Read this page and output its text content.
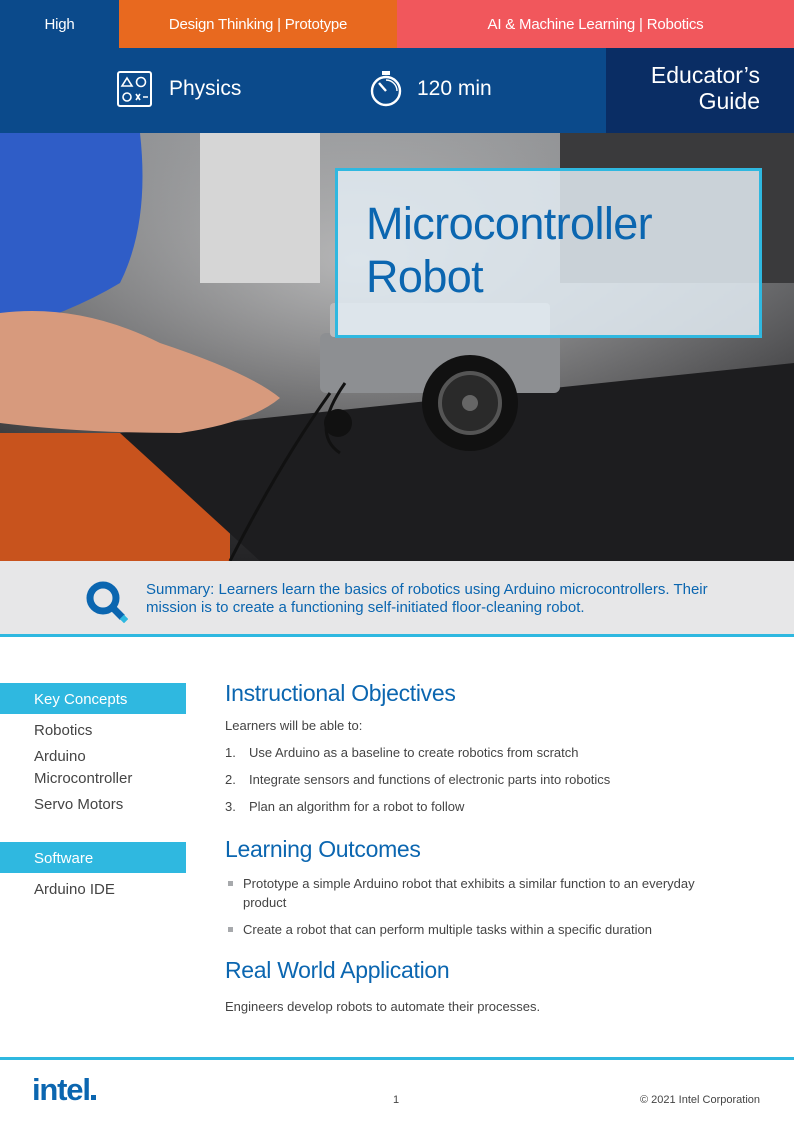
High	Design Thinking | Prototype	AI & Machine Learning | Robotics
Physics	120 min
Educator’s
Guide
Microcontroller
Robot
Summary: Learners learn the basics of robotics using Arduino microcontrollers. Their mission is to create a functioning self-initiated floor-cleaning robot.
Key Concepts
Robotics
Arduino Microcontroller
Servo Motors
Software
Arduino IDE
Instructional Objectives
Learners will be able to:
1.	Use Arduino as a baseline to create robotics from scratch
2.	Integrate sensors and functions of electronic parts into robotics
3.	Plan an algorithm for a robot to follow
Learning Outcomes
Prototype a simple Arduino robot that exhibits a similar function to an everyday product
Create a robot that can perform multiple tasks within a specific duration
Real World Application
Engineers develop robots to automate their processes.
intel	1	© 2021 Intel Corporation
